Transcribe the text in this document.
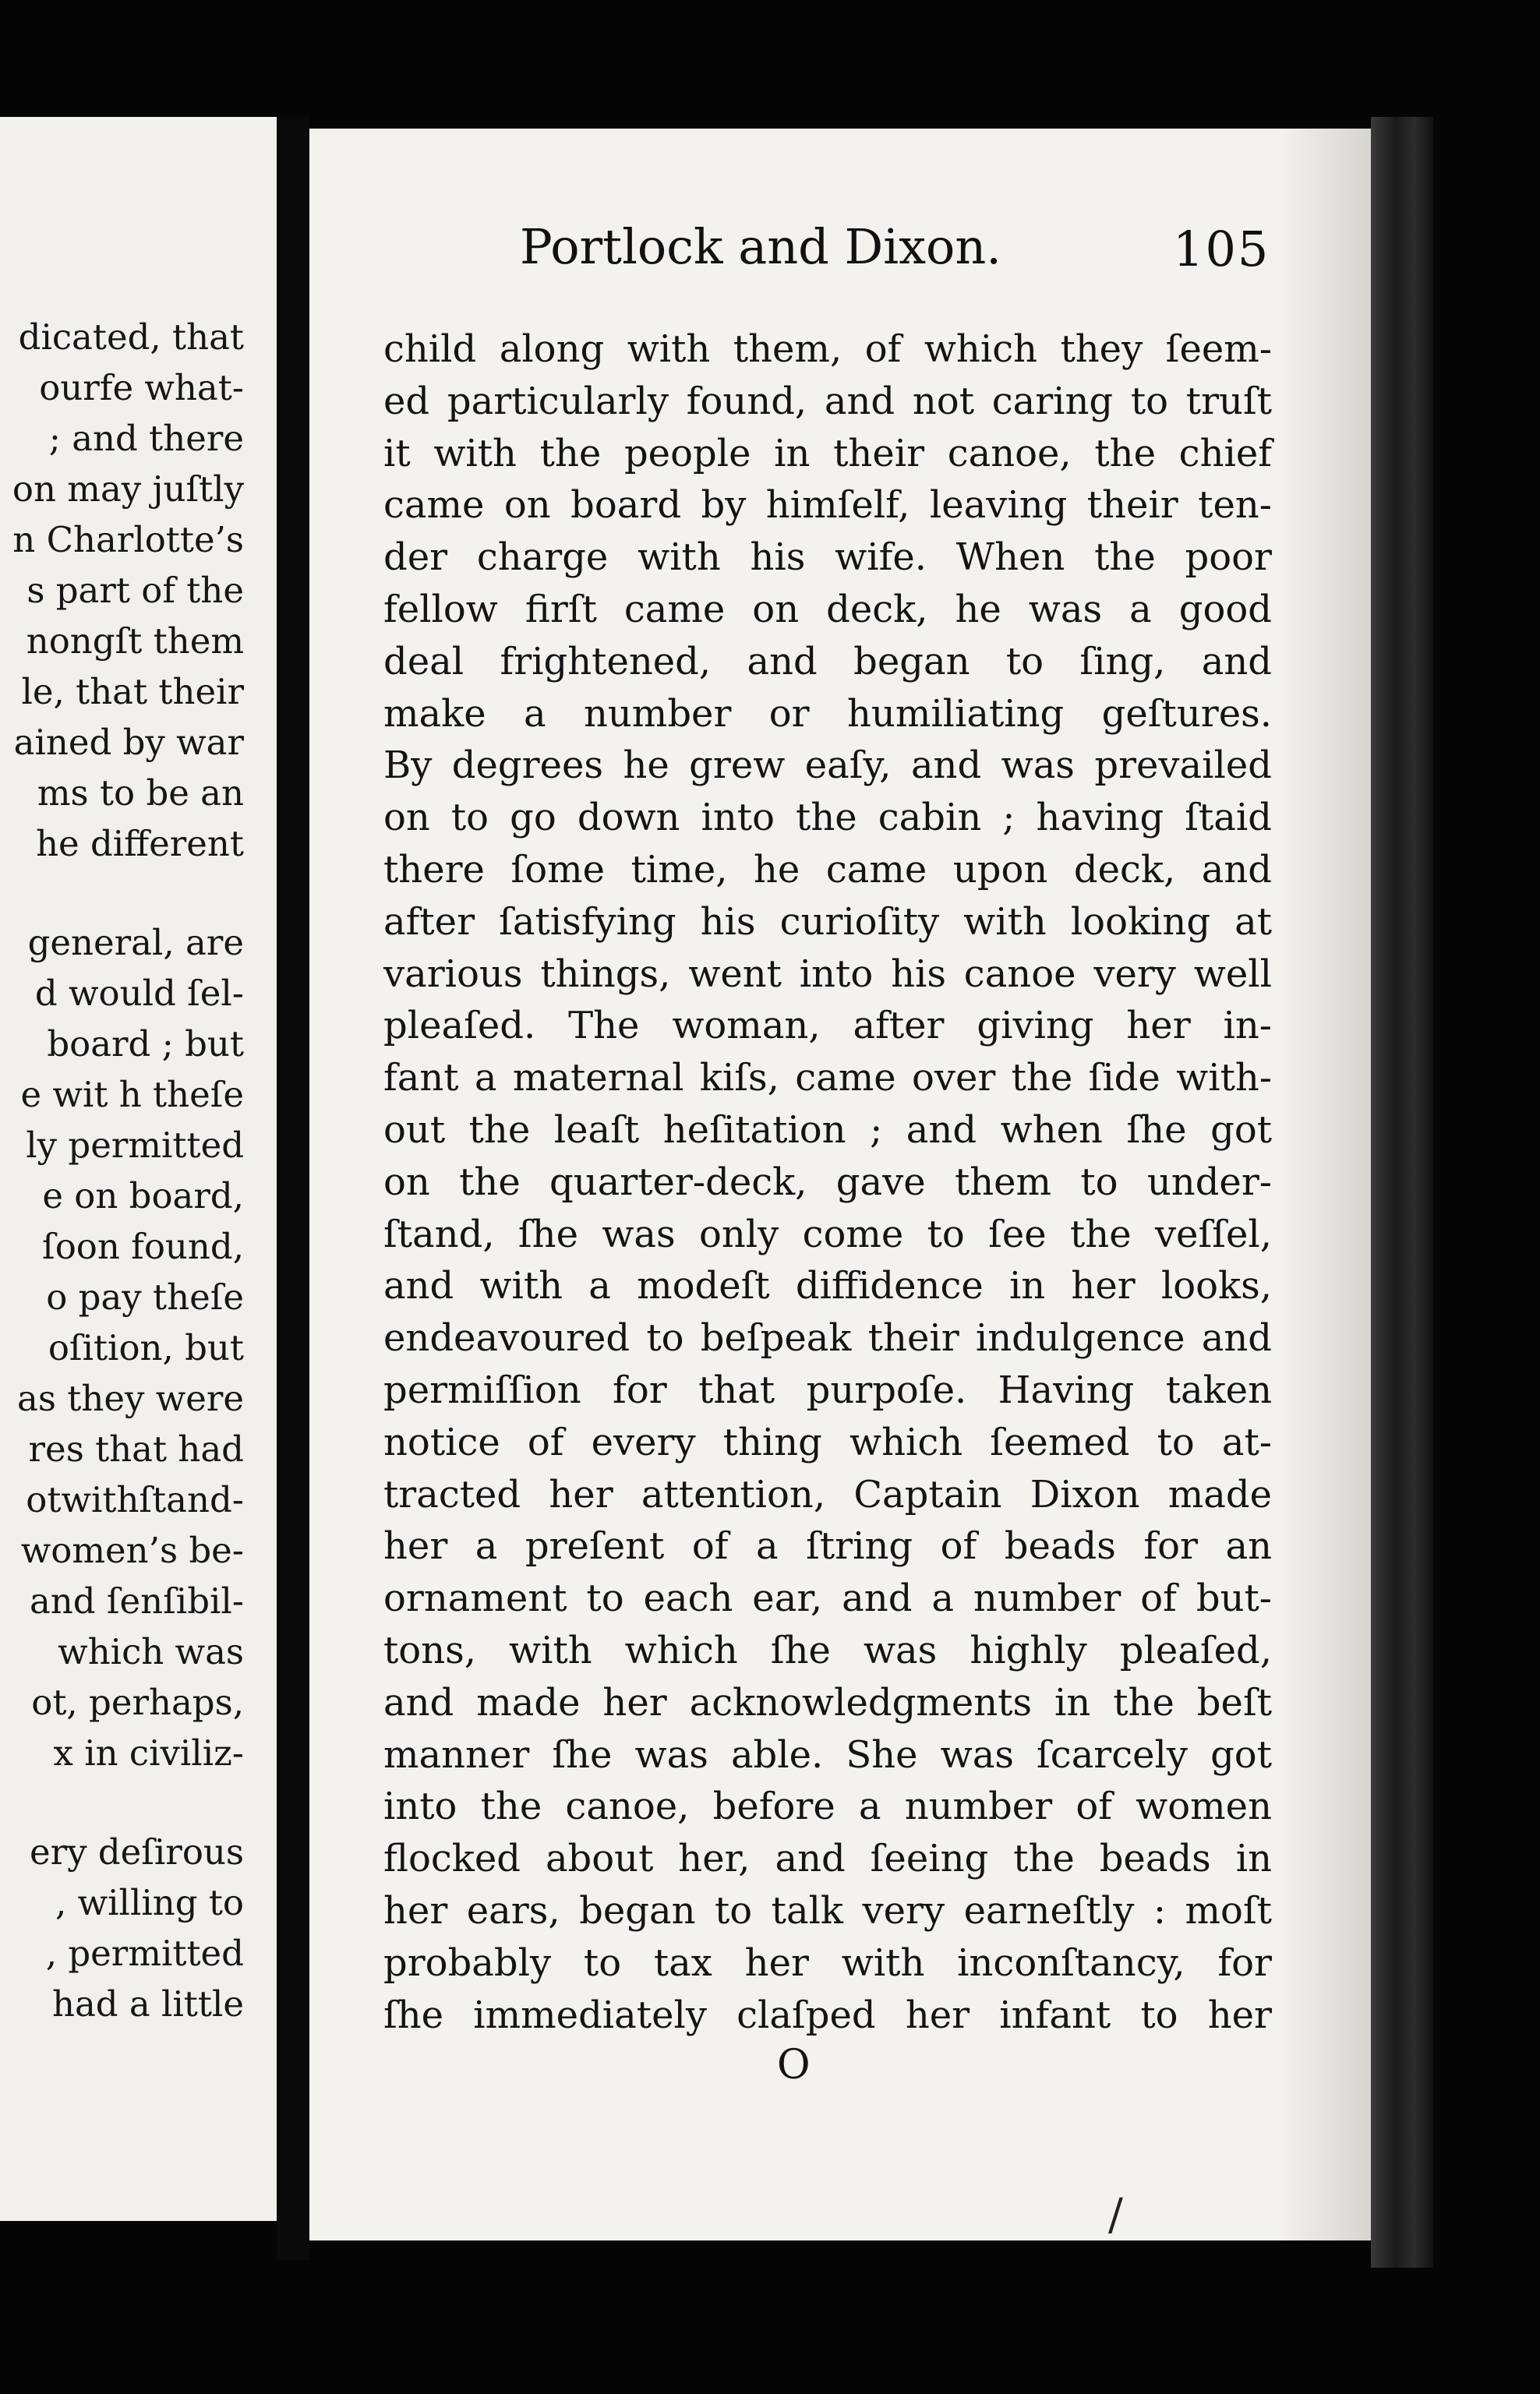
dicated, that
ourfe what-
; and there
on may juſtly
n Charlotte’s
s part of the
nongſt them
le, that their
ained by war
ms to be an
he different
general, are
d would ſel-
board ; but
e wit h theſe
ly permitted
e on board,
ſoon found,
o pay theſe
oſition, but
as they were
res that had
otwithſtand-
women’s be-
and ſenſibil-
which was
ot, perhaps,
x in civiliz-
ery deſirous
, willing to
, permitted
had a little
Portlock and Dixon.	105
child along with them, of which they ſeem-
ed particularly found, and not caring to truſt
it with the people in their canoe, the chief
came on board by himſelf, leaving their ten-
der charge with his wife. When the poor
fellow firſt came on deck, he was a good
deal frightened, and began to ſing, and
make a number or humiliating geſtures.
By degrees he grew eaſy, and was prevailed
on to go down into the cabin ; having ſtaid
there ſome time, he came upon deck, and
after ſatisfying his curioſity with looking at
various things, went into his canoe very well
pleaſed. The woman, after giving her in-
fant a maternal kiſs, came over the ſide with-
out the leaſt heſitation ; and when ſhe got
on the quarter-deck, gave them to under-
ſtand, ſhe was only come to ſee the veſſel,
and with a modeſt diffidence in her looks,
endeavoured to beſpeak their indulgence and
permiſſion for that purpoſe. Having taken
notice of every thing which ſeemed to at-
tracted her attention, Captain Dixon made
her a preſent of a ſtring of beads for an
ornament to each ear, and a number of but-
tons, with which ſhe was highly pleaſed,
and made her acknowledgments in the beſt
manner ſhe was able. She was ſcarcely got
into the canoe, before a number of women
flocked about her, and ſeeing the beads in
her ears, began to talk very earneſtly : moſt
probably to tax her with inconſtancy, for
ſhe immediately claſped her infant to her
O
/
